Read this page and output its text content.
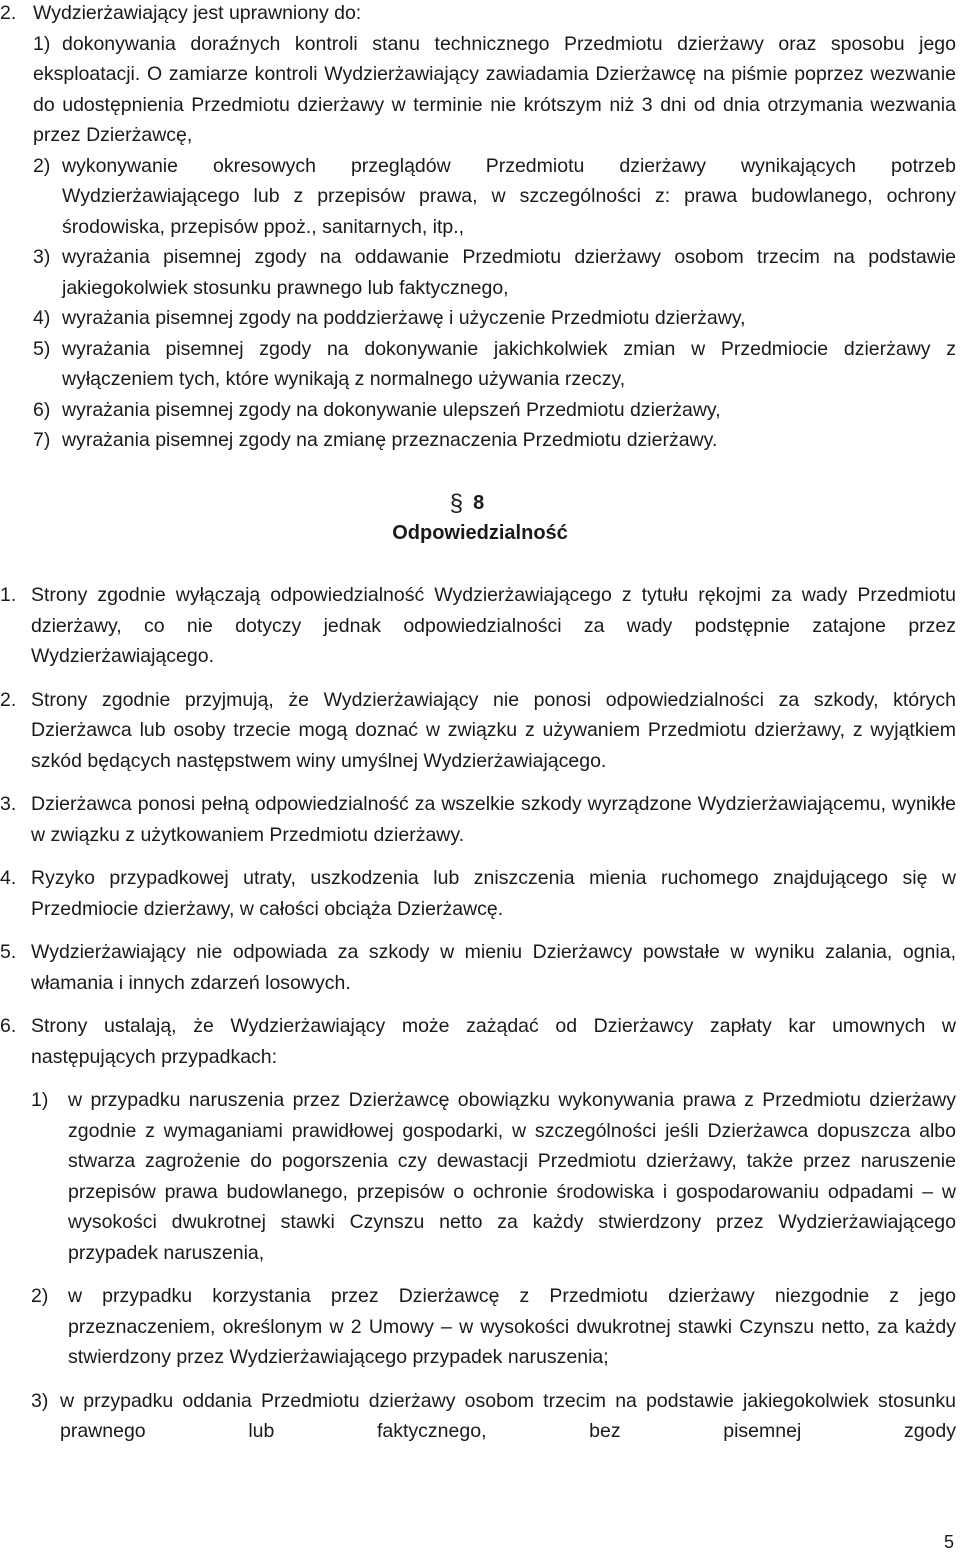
2. Wydzierżawiający jest uprawniony do:
1) dokonywania doraźnych kontroli stanu technicznego Przedmiotu dzierżawy oraz sposobu jego eksploatacji. O zamiarze kontroli Wydzierżawiający zawiadamia Dzierżawcę na piśmie poprzez wezwanie do udostępnienia Przedmiotu dzierżawy w terminie nie krótszym niż 3 dni od dnia otrzymania wezwania przez Dzierżawcę,
2) wykonywanie okresowych przeglądów Przedmiotu dzierżawy wynikających potrzeb Wydzierżawiającego lub z przepisów prawa, w szczególności z: prawa budowlanego, ochrony środowiska, przepisów ppoż., sanitarnych, itp.,
3) wyrażania pisemnej zgody na oddawanie Przedmiotu dzierżawy osobom trzecim na podstawie jakiegokolwiek stosunku prawnego lub faktycznego,
4) wyrażania pisemnej zgody na poddzierżawę i użyczenie Przedmiotu dzierżawy,
5) wyrażania pisemnej zgody na dokonywanie jakichkolwiek zmian w Przedmiocie dzierżawy z wyłączeniem tych, które wynikają z normalnego używania rzeczy,
6) wyrażania pisemnej zgody na dokonywanie ulepszeń Przedmiotu dzierżawy,
7) wyrażania pisemnej zgody na zmianę przeznaczenia Przedmiotu dzierżawy.
§ 8
Odpowiedzialność
1. Strony zgodnie wyłączają odpowiedzialność Wydzierżawiającego z tytułu rękojmi za wady Przedmiotu dzierżawy, co nie dotyczy jednak odpowiedzialności za wady podstępnie zatajone przez Wydzierżawiającego.
2. Strony zgodnie przyjmują, że Wydzierżawiający nie ponosi odpowiedzialności za szkody, których Dzierżawca lub osoby trzecie mogą doznać w związku z używaniem Przedmiotu dzierżawy, z wyjątkiem szkód będących następstwem winy umyślnej Wydzierżawiającego.
3. Dzierżawca ponosi pełną odpowiedzialność za wszelkie szkody wyrządzone Wydzierżawiającemu, wynikłe w związku z użytkowaniem Przedmiotu dzierżawy.
4. Ryzyko przypadkowej utraty, uszkodzenia lub zniszczenia mienia ruchomego znajdującego się w Przedmiocie dzierżawy, w całości obciąża Dzierżawcę.
5. Wydzierżawiający nie odpowiada za szkody w mieniu Dzierżawcy powstałe w wyniku zalania, ognia, włamania i innych zdarzeń losowych.
6. Strony ustalają, że Wydzierżawiający może zażądać od Dzierżawcy zapłaty kar umownych w następujących przypadkach:
1) w przypadku naruszenia przez Dzierżawcę obowiązku wykonywania prawa z Przedmiotu dzierżawy zgodnie z wymaganiami prawidłowej gospodarki, w szczególności jeśli Dzierżawca dopuszcza albo stwarza zagrożenie do pogorszenia czy dewastacji Przedmiotu dzierżawy, także przez naruszenie przepisów prawa budowlanego, przepisów o ochronie środowiska i gospodarowaniu odpadami – w wysokości dwukrotnej stawki Czynszu netto za każdy stwierdzony przez Wydzierżawiającego przypadek naruszenia,
2) w przypadku korzystania przez Dzierżawcę z Przedmiotu dzierżawy niezgodnie z jego przeznaczeniem, określonym w 2 Umowy – w wysokości dwukrotnej stawki Czynszu netto, za każdy stwierdzony przez Wydzierżawiającego przypadek naruszenia;
3) w przypadku oddania Przedmiotu dzierżawy osobom trzecim na podstawie jakiegokolwiek stosunku prawnego lub faktycznego, bez pisemnej zgody
5
